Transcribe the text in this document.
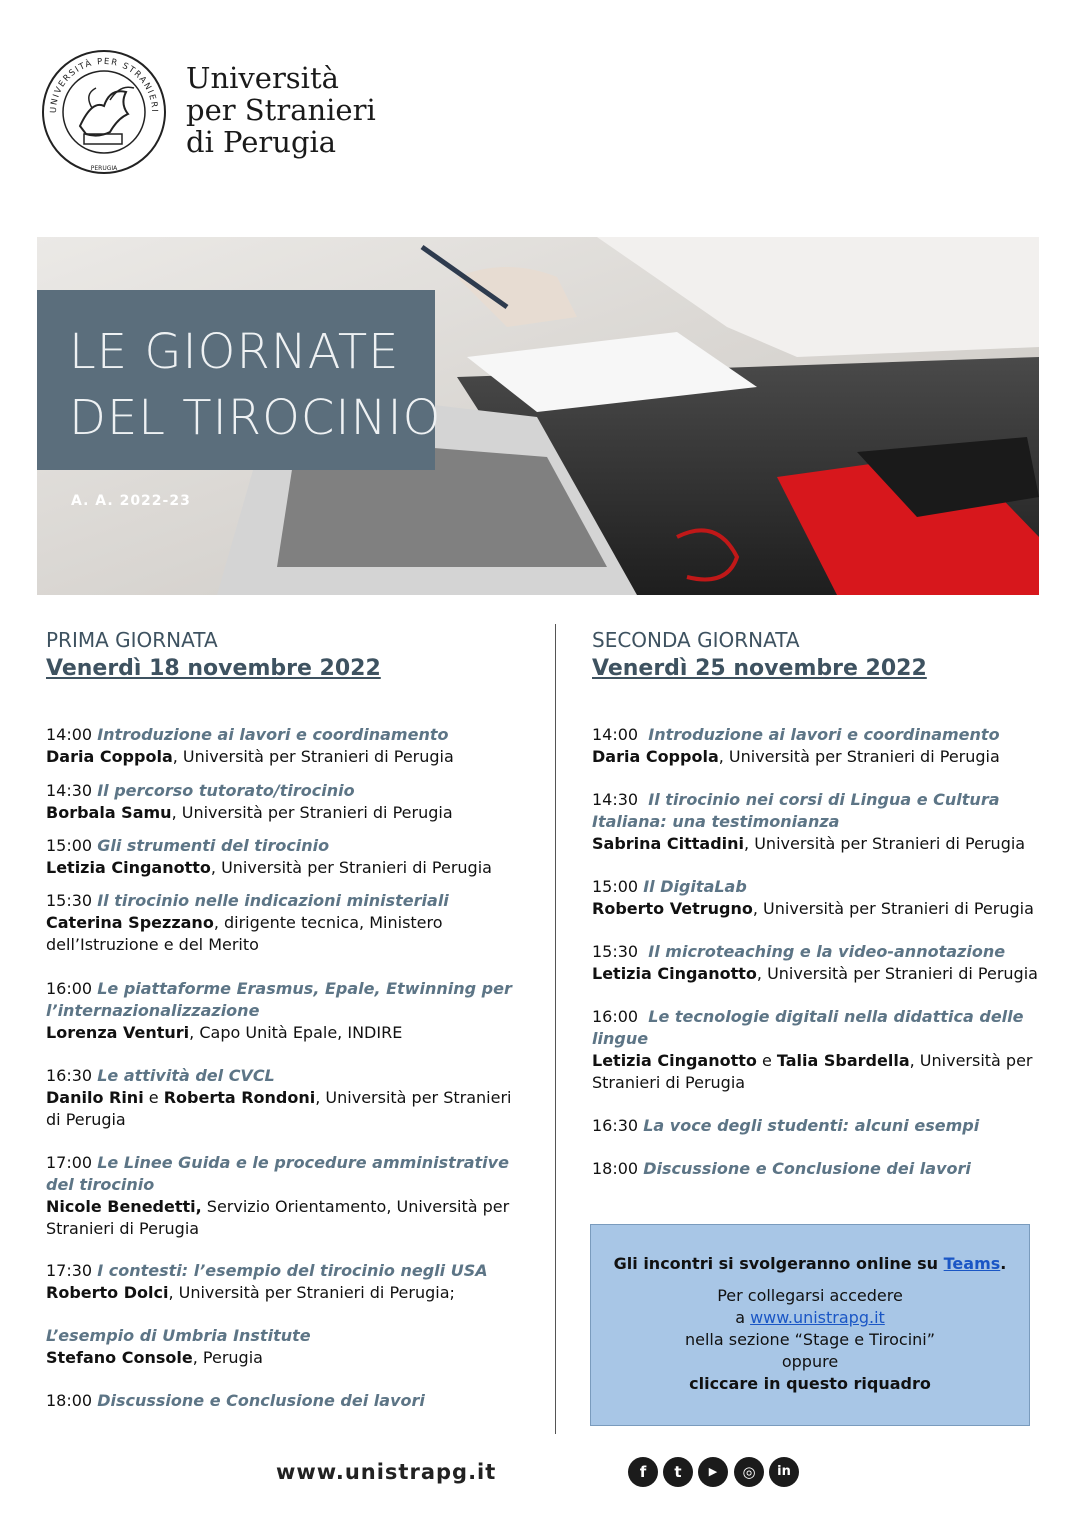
PERUGIA
UNIVERSITÀ PER STRANIERI
Università
per Stranieri
di Perugia
LE GIORNATE
DEL TIROCINIO
A. A. 2022-23
PRIMA GIORNATA
Venerdì 18 novembre 2022
14:00 Introduzione ai lavori e coordinamento
Daria Coppola, Università per Stranieri di Perugia
14:30 Il percorso tutorato/tirocinio
Borbala Samu, Università per Stranieri di Perugia
15:00 Gli strumenti del tirocinio
Letizia Cinganotto, Università per Stranieri di Perugia
15:30 Il tirocinio nelle indicazioni ministeriali
Caterina Spezzano, dirigente tecnica, Ministero dell’Istruzione e del Merito
16:00 Le piattaforme Erasmus, Epale, Etwinning per l’internazionalizzazione
Lorenza Venturi, Capo Unità Epale, INDIRE
16:30 Le attività del CVCL
Danilo Rini e Roberta Rondoni, Università per Stranieri di Perugia
17:00 Le Linee Guida e le procedure amministrative del tirocinio
Nicole Benedetti, Servizio Orientamento, Università per Stranieri di Perugia
17:30 I contesti: l’esempio del tirocinio negli USA
Roberto Dolci, Università per Stranieri di Perugia;
L’esempio di Umbria Institute
Stefano Console, Perugia
18:00 Discussione e Conclusione dei lavori
SECONDA GIORNATA
Venerdì 25 novembre 2022
14:00 Introduzione ai lavori e coordinamento
Daria Coppola, Università per Stranieri di Perugia
14:30 Il tirocinio nei corsi di Lingua e Cultura Italiana: una testimonianza
Sabrina Cittadini, Università per Stranieri di Perugia
15:00 Il DigitaLab
Roberto Vetrugno, Università per Stranieri di Perugia
15:30 Il microteaching e la video-annotazione
Letizia Cinganotto, Università per Stranieri di Perugia
16:00 Le tecnologie digitali nella didattica delle lingue
Letizia Cinganotto e Talia Sbardella, Università per Stranieri di Perugia
16:30 La voce degli studenti: alcuni esempi
18:00 Discussione e Conclusione dei lavori
Gli incontri si svolgeranno online su Teams.
Per collegarsi accedere
a www.unistrapg.it
nella sezione “Stage e Tirocini”
oppure
cliccare in questo riquadro
www.unistrapg.it	f	t	▶	◎	in
